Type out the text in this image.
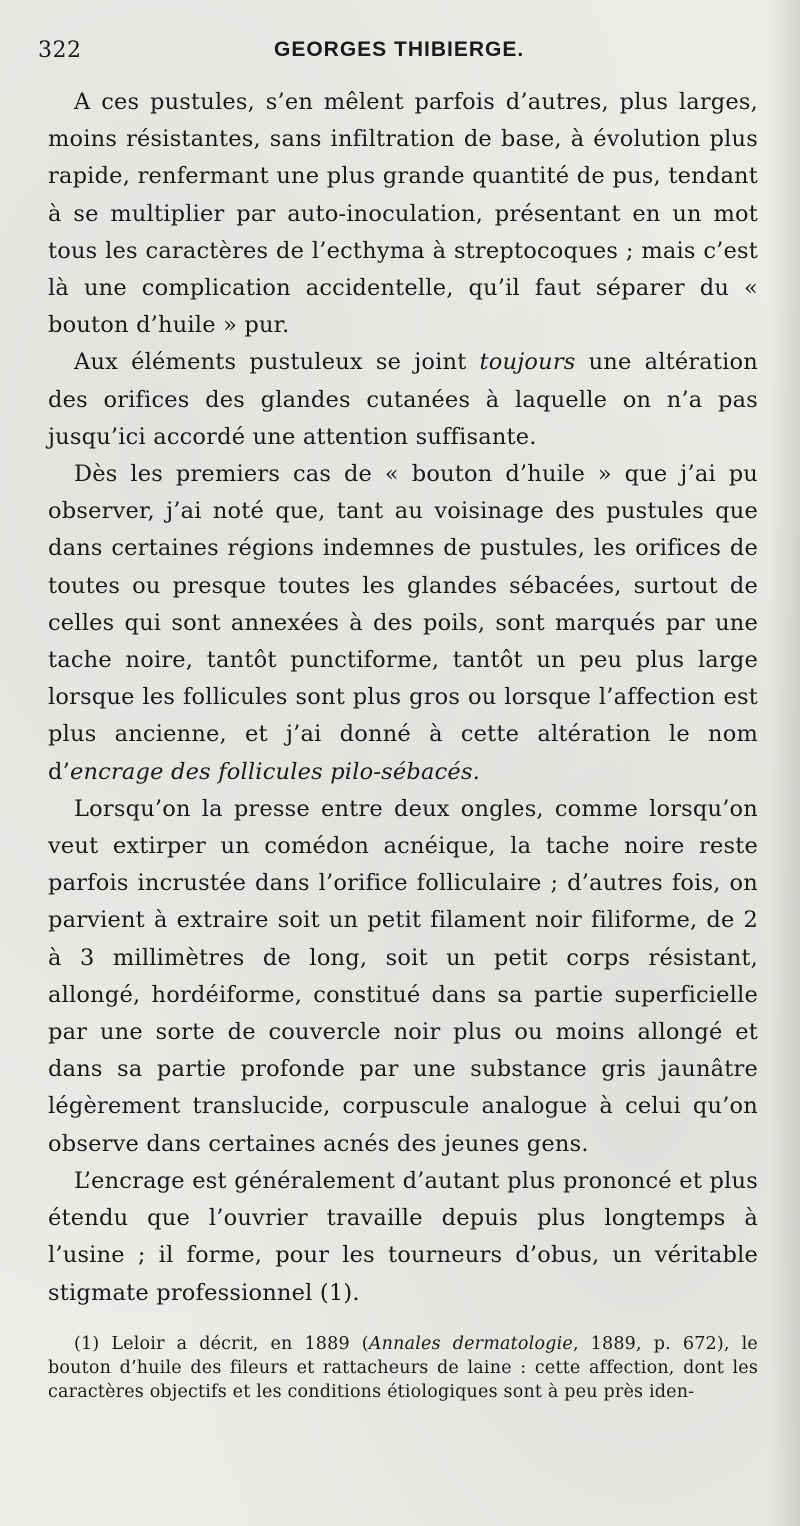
322	GEORGES THIBIERGE.

A ces pustules, s’en mêlent parfois d’autres, plus larges, moins résistantes, sans infiltration de base, à évolution plus rapide, renfermant une plus grande quantité de pus, tendant à se multiplier par auto-inoculation, présentant en un mot tous les caractères de l’ecthyma à streptocoques ; mais c’est là une complication accidentelle, qu’il faut séparer du « bouton d’huile » pur.

Aux éléments pustuleux se joint toujours une altération des orifices des glandes cutanées à laquelle on n’a pas jusqu’ici accordé une attention suffisante.

Dès les premiers cas de « bouton d’huile » que j’ai pu observer, j’ai noté que, tant au voisinage des pustules que dans certaines régions indemnes de pustules, les orifices de toutes ou presque toutes les glandes sébacées, surtout de celles qui sont annexées à des poils, sont marqués par une tache noire, tantôt punctiforme, tantôt un peu plus large lorsque les follicules sont plus gros ou lorsque l’affection est plus ancienne, et j’ai donné à cette altération le nom d’encrage des follicules pilo-sébacés.

Lorsqu’on la presse entre deux ongles, comme lorsqu’on veut extirper un comédon acnéique, la tache noire reste parfois incrustée dans l’orifice folliculaire ; d’autres fois, on parvient à extraire soit un petit filament noir filiforme, de 2 à 3 millimètres de long, soit un petit corps résistant, allongé, hordéiforme, constitué dans sa partie superficielle par une sorte de couvercle noir plus ou moins allongé et dans sa partie profonde par une substance gris jaunâtre légèrement translucide, corpuscule analogue à celui qu’on observe dans certaines acnés des jeunes gens.

L’encrage est généralement d’autant plus prononcé et plus étendu que l’ouvrier travaille depuis plus longtemps à l’usine ; il forme, pour les tourneurs d’obus, un véritable stigmate professionnel (1).

(1) Leloir a décrit, en 1889 (Annales dermatologie, 1889, p. 672), le bouton d’huile des fileurs et rattacheurs de laine : cette affection, dont les caractères objectifs et les conditions étiologiques sont à peu près iden-
